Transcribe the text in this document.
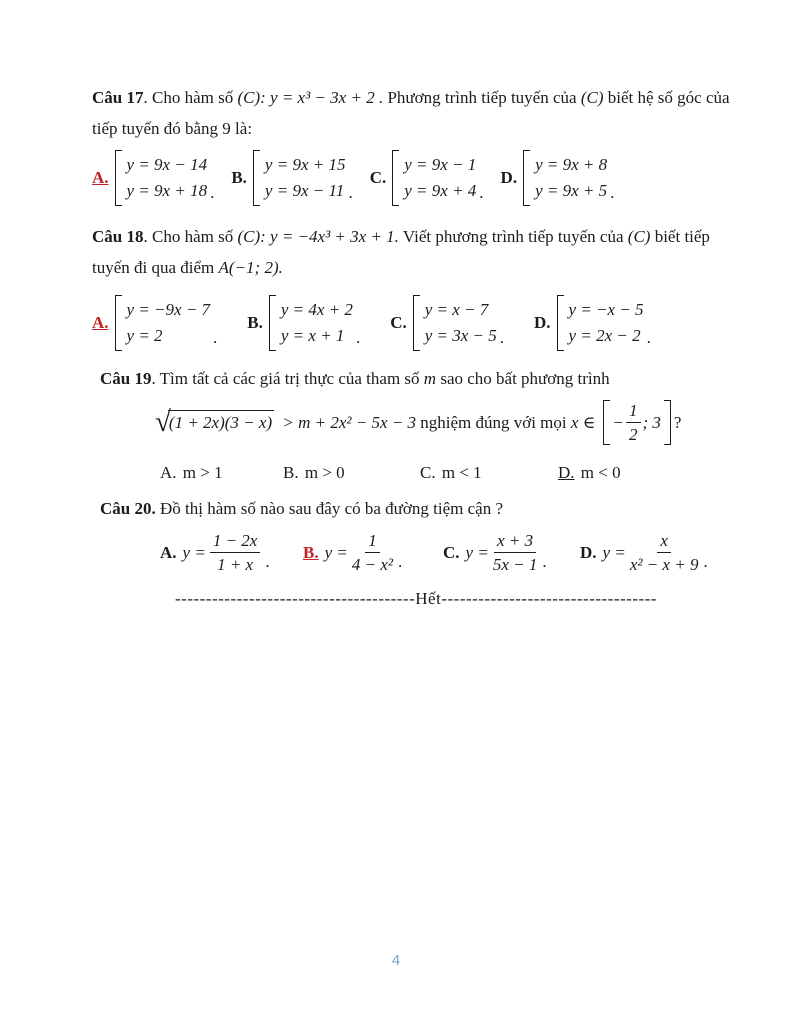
Câu 17. Cho hàm số (C): y = x³ − 3x + 2 . Phương trình tiếp tuyến của (C) biết hệ số góc của tiếp tuyến đó bằng 9 là:

A.
y = 9x − 14
y = 9x + 18 .
B.
y = 9x + 15
y = 9x − 11 .
C.
y = 9x − 1
y = 9x + 4 .
D.
y = 9x + 8
y = 9x + 5 .

Câu 18. Cho hàm số (C): y = −4x³ + 3x + 1. Viết phương trình tiếp tuyến của (C) biết tiếp tuyến đi qua điểm A(−1; 2).

A.
y = −9x − 7
y = 2	.
B.
y = 4x + 2
y = x + 1 .
C.
y = x − 7
y = 3x − 5 .
D.
y = −x − 5
y = 2x − 2 .

Câu 19. Tìm tất cả các giá trị thực của tham số m sao cho bất phương trình

√
(1 + 2x)(3 − x) > m + 2x² − 5x − 3 nghiệm đúng với mọi x ∈ − $\frac{1}{2}$ ; 3 ?
A. m > 1	B. m > 0	C. m < 1	D. m < 0

Câu 20. Đồ thị hàm số nào sau đây có ba đường tiệm cận ?

A. $y = \frac{1 - 2x}{1 + x}$ . B. $y = \frac{1}{\text{4 − x²}}$ . C. $y = \frac{x + 3}{5x - 1}$ . D. $y = \frac{x}{\text{x² − x + 9}}$ .
---------------------------------------Hết-----------------------------------
4
